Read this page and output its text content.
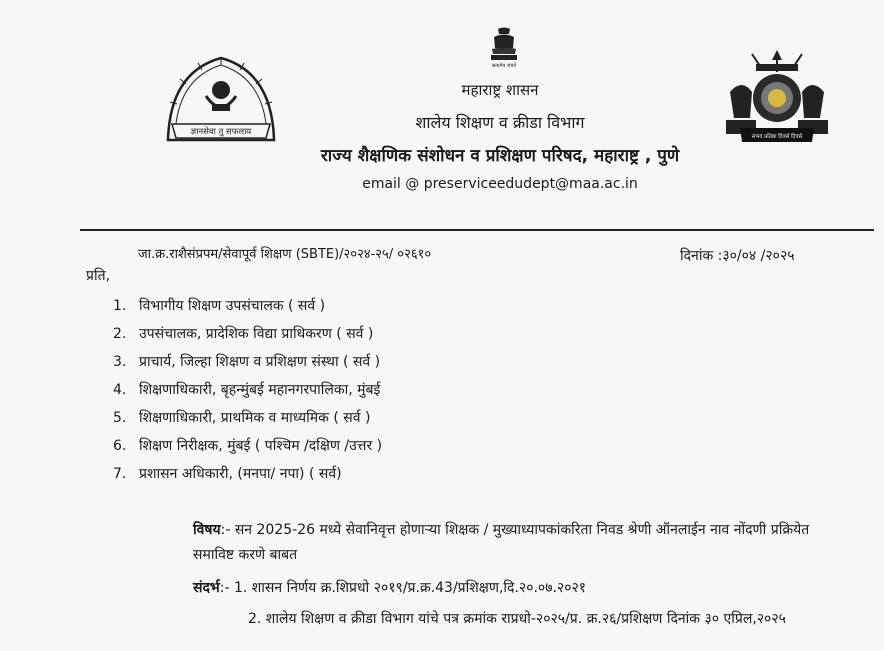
ज्ञानसेवा तु सफलाय
सत्यमेव जयते
महाराष्ट्र शासन
शालेय शिक्षण व क्रीडा विभाग
राज्य शैक्षणिक संशोधन व प्रशिक्षण परिषद, महाराष्ट्र , पुणे
email @ preserviceedudept@maa.ac.in
संभवं प्रतिष्ठा दिवसे दिवसे
जा.क्र.राशैसंप्रपम/सेवापूर्व शिक्षण (SBTE)/२०२४-२५/ ०२६१०	दिनांक :३०/०४ /२०२५
प्रति,
1. विभागीय शिक्षण उपसंचालक ( सर्व )
2. उपसंचालक, प्रादेशिक विद्या प्राधिकरण ( सर्व )
3. प्राचार्य, जिल्हा शिक्षण व प्रशिक्षण संस्था ( सर्व )
4. शिक्षणाधिकारी, बृहन्मुंबई महानगरपालिका, मुंबई
5. शिक्षणाधिकारी, प्राथमिक व माध्यमिक ( सर्व )
6. शिक्षण निरीक्षक, मुंबई ( पश्चिम /दक्षिण /उत्तर )
7. प्रशासन अधिकारी, (मनपा/ नपा) ( सर्व)
विषय:- सन 2025-26 मध्ये सेवानिवृत्त होणाऱ्या शिक्षक / मुख्याध्यापकांकरिता निवड श्रेणी ऑनलाईन नाव नोंदणी प्रक्रियेत समाविष्ट करणे बाबत
संदर्भ:- 1. शासन निर्णय क्र.शिप्रधो २०१९/प्र.क्र.43/प्रशिक्षण,दि.२०.०७.२०२१
2. शालेय शिक्षण व क्रीडा विभाग यांचे पत्र क्रमांक राप्रधो-२०२५/प्र. क्र.२६/प्रशिक्षण दिनांक ३० एप्रिल,२०२५
